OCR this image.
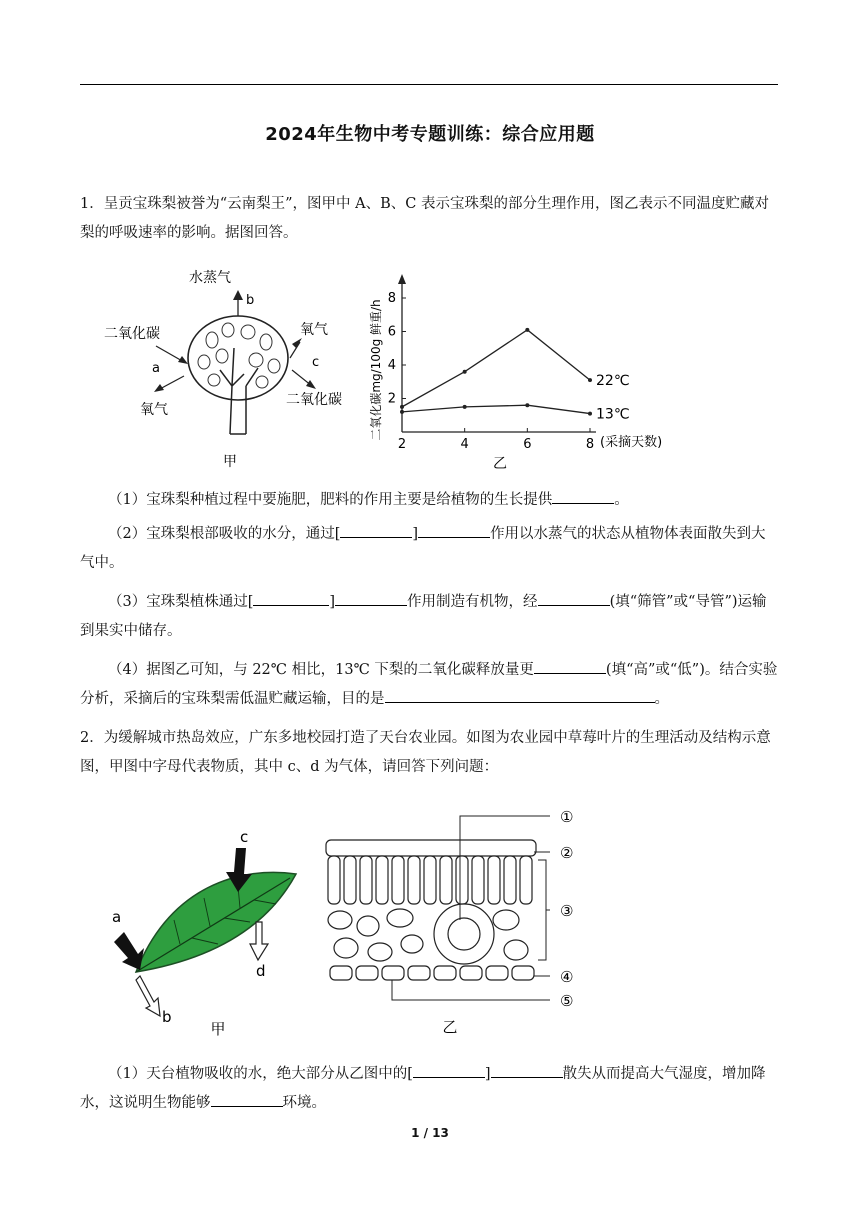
2024年生物中考专题训练：综合应用题
1．呈贡宝珠梨被誉为“云南梨王”，图甲中 A、B、C 表示宝珠梨的部分生理作用，图乙表示不同温度贮藏对梨的呼吸速率的影响。据图回答。
水蒸气
b
二氧化碳	氧气
a
氧气
c
二氧化碳
甲
二氧化碳mg/100g 鲜重/h
2	4	6	8
2
4
6
8
22℃
13℃
(采摘天数)
乙
（1）宝珠梨种植过程中要施肥，肥料的作用主要是给植物的生长提供	。
（2）宝珠梨根部吸收的水分，通过[	]	作用以水蒸气的状态从植物体表面散失到大气中。
（3）宝珠梨植株通过[	]	作用制造有机物，经	(填“筛管”或“导管”)运输到果实中储存。
（4）据图乙可知，与 22℃ 相比，13℃ 下梨的二氧化碳释放量更	(填“高”或“低”)。结合实验分析，采摘后的宝珠梨需低温贮藏运输，目的是	。
2．为缓解城市热岛效应，广东多地校园打造了天台农业园。如图为农业园中草莓叶片的生理活动及结构示意图，甲图中字母代表物质，其中 c、d 为气体，请回答下列问题：
a
b
c
d
甲
①
②
③
④
⑤
乙
（1）天台植物吸收的水，绝大部分从乙图中的[	]	散失从而提高大气湿度，增加降水，这说明生物能够	环境。
1 / 13
